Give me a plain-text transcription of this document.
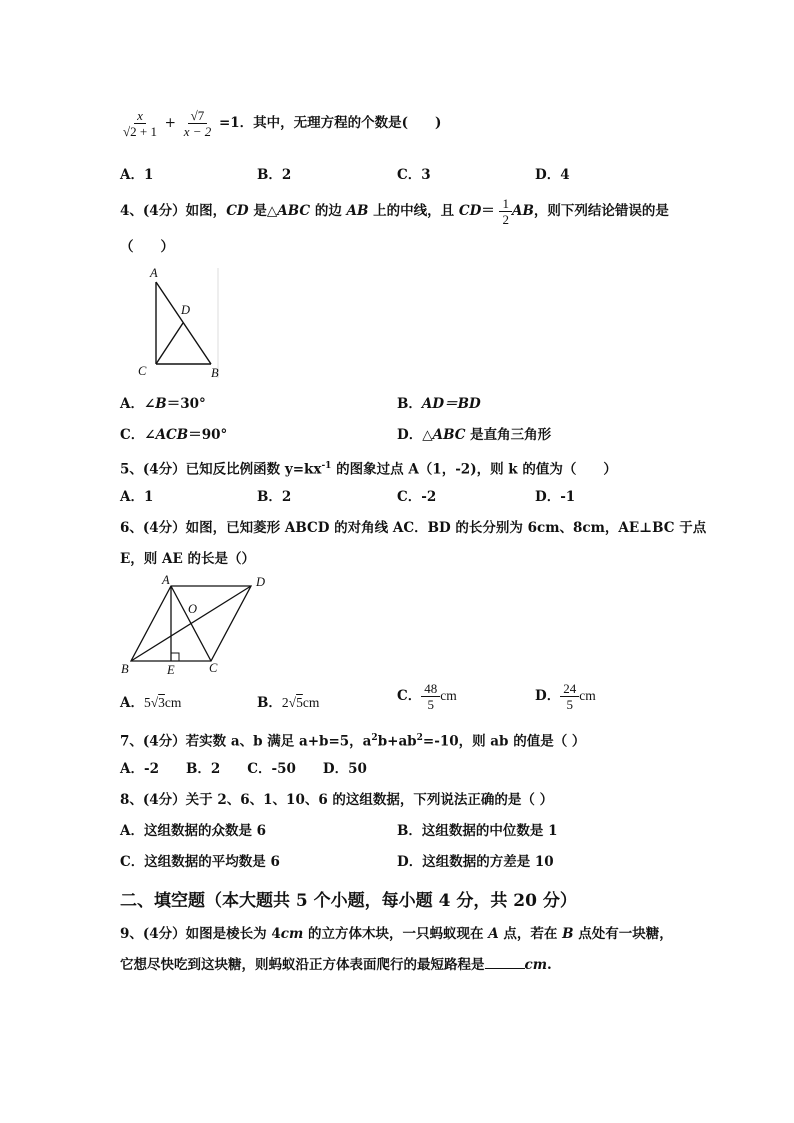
$\frac{x}{√2 + 1} + \frac{√7}{x - 2} =1$．其中，无理方程的个数是(　　)
A．1	B．2	C．3	D．4
4、(4分）如图，CD 是△ABC 的边 AB 上的中线，且 $CD= \frac{1}{2}$ AB，则下列结论错误的是
（　　）
A
D
C	B
A．∠B＝30°	B．AD＝BD
C．∠ACB＝90°	D．△ABC 是直角三角形
5、(4分）已知反比例函数 $y=kx^{-1}$ 的图象过点 A（1，-2)，则 k 的值为（　　）
A．1	B．2	C．-2	D．-1
6、(4分）如图，已知菱形 ABCD 的对角线 AC．BD 的长分别为 6cm、8cm，AE⊥BC 于点
E，则 AE 的长是（）
A	D
O
B	E	C
A．5√3cm	B．2√5cm	C． $\frac{48}{5}$ cm	D． $\frac{24}{5}$ cm
7、(4分）若实数 a、b 满足 a+b=5，$a^2b+ab^2=-10$，则 ab 的值是（ ）
A．-2　　B．2　　C．-50　　D．50
8、(4分）关于 2、6、1、10、6 的这组数据，下列说法正确的是（ ）
A．这组数据的众数是 6	B．这组数据的中位数是 1
C．这组数据的平均数是 6	D．这组数据的方差是 10
二、填空题（本大题共 5 个小题，每小题 4 分，共 20 分）
9、(4分）如图是棱长为 4cm 的立方体木块，一只蚂蚁现在 A 点，若在 B 点处有一块糖，
它想尽快吃到这块糖，则蚂蚁沿正方体表面爬行的最短路程是	cm.
